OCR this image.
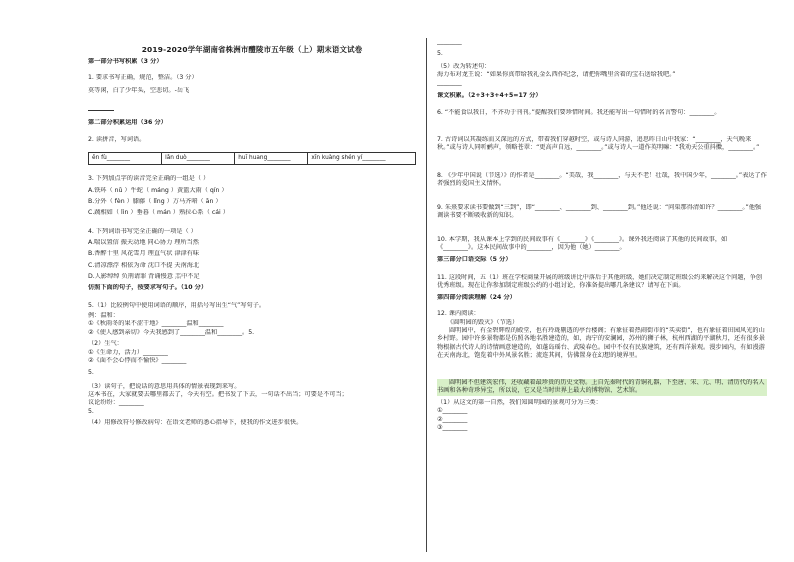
2019-2020学年湖南省株洲市醴陵市五年级（上）期末语文试卷
第一部分书写积累（3 分）
1. 要求书写正确，规范，整洁。（3 分）
莫等闲，白了少年头，空悲切。-岳飞
第二部分积累运用（36 分）
2. 读拼音，写词语。
ěn fù________	lǎn duò________	huī huang________	xīn kuàng shén yí________
3. 下列加点字的读音完全正确的一组是（ ）
A.铁环（ nǔ ）牛蛇（ máng ）黄篮大雨（ qín ）
B.分外（ fèn ）膝藤（ lǐng ）万马齐喑（ ān ）
C.蔬相如（ lìn ）垂暮（ mán ）熟拉心系（ cái ）
4. 下列词语书写完全正确的一项是（ ）
A.喘以置信 振天动地 同心协力 理所当然
B.香醉十里 风花雪月 理直气状 津津有味
C.清凉漂浮 相依为命 沈口不提 天南海北
D.人影绰绰 负荆请罪 背诵慢意 羔中不足
仿照下面的句子，按要求写句子。（10 分）
5.（1）比较例句中使用词语的顺序，用括号写出生“气”写句子。
例：温和：
①《秋雨冬的果不涩干地》________温和________
②《使人感到亲切》今天我感到了________温和________。5.
（2）生气：
①《生命力，活力）________
②《面不会心悸而不愉快》________
5.
（3）读句子，把说话的意思用具体的情景表现到来写。
这本书在，大家就要去哪里都去了，今天有空。把书发了下去，一句话不出当；可要是不可当；
议论纷纷：________
5.
（4）用修改符号修改病句：在语文老师的悉心指导下，使我的作文进步很快。
________
5.
（5）改为转述句：
海力布对龙王说：“如果你真带给我礼金么西作纪念，请把你嘴里含着的宝石送给我吧。”
________
课文积累。（2+3+3+4+5=17 分）
6. “不能食以我日，不齐功于刊刊。”提醒我们要珍惜时间。我还能写出一句惜时的名言警句：________。
7. 古诗词以其凝练而又深远的方式，带着我们穿越时空，或与诗人同游，追思昨日山中我家：“________，天气晚来秋。”或与诗人同听鹂声，领略苍翠：“更高声自远，________。”或与诗人一道作英明嘛：“我劝天公重抖擞，________。”
8. 《少年中国说（节选）》的作者是________。“美哉，我________，与天不老！壮哉，我中国少年，________。”表达了作者强烈的爱国主义情怀。
9. 朱熹要求读书要做到“三到”，即“________、________到、________到。”他还说：“问渠那得清如许？________。”他强调读书要不断吸收新的知识。
10. 本学期，我从课本上学到的民间故事有《________》《________》。课外我还阅读了其他的民间故事，如《________》。这本民间故事中的________，因为他（她）________。
第三部分口语交际（5 分）
11. 这段时间，五（1）班在学校商量开展的班级讲比中落后于其他班级，她们决定制定班级公约来解决这个问题，争创优秀班级。现在让你参加制定班级公约的小组讨论，你准备提出哪几条建议？请写在下面。
第四部分阅读理解（24 分）
12. 课内阅读：
《圆明园的毁灭》（节选）
圆明园中，有金碧辉煌的殿堂，也有玲珑剔透的亭台楼阁；有象征着热闹街市的“买卖街”，也有象征着田园风光的山乡村野。园中许多景物都是仿照各地名胜建造的，如，海宁的安澜园，苏州的狮子林，杭州西湖的平湖秋月，还有很多景物根据古代诗人的诗情画意建造的，如蓬岛瑶台、武陵春色。园中不仅有民族建筑，还有西洋景观。漫步园内，有如漫游在天南海北，饱览着中外风景名胜；流连其间，仿佛置身在幻想的境界里。
圆明园不但建筑宏伟，还收藏着最珍贵的历史文物。上自先秦时代的青铜礼器，下至唐、宋、元、明、清历代的名人书画和各种奇珍异宝，所以说，它又是当时世界上最大的博物馆、艺术馆。
（1）从这文的第一自然，我们知圆明园的景观可分为三类：
①________
②________
③________
